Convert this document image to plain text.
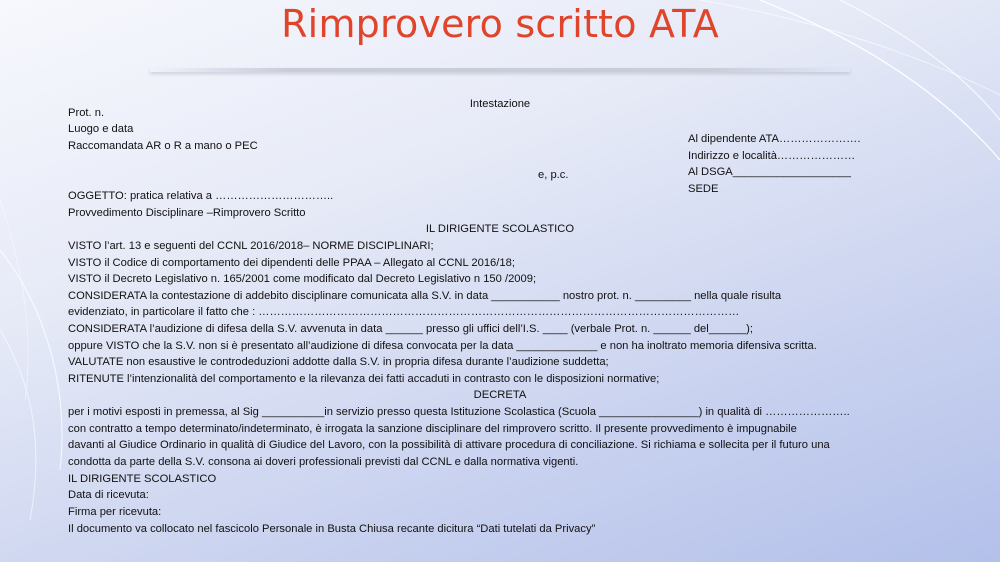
Rimprovero scritto ATA
Intestazione
Prot. n.
Luogo e data
Raccomandata AR o R a mano o PEC
Al dipendente ATA………………….
Indirizzo e località…………………
Al DSGA___________________
SEDE
e, p.c.
OGGETTO: pratica relativa a …………………………..
Provvedimento Disciplinare –Rimprovero Scritto
IL DIRIGENTE SCOLASTICO
VISTO l’art. 13 e seguenti del CCNL 2016/2018– NORME DISCIPLINARI;
VISTO il Codice di comportamento dei dipendenti delle PPAA – Allegato al CCNL 2016/18;
VISTO il Decreto Legislativo n. 165/2001 come modificato dal Decreto Legislativo n 150 /2009;
CONSIDERATA la contestazione di addebito disciplinare comunicata alla S.V. in data ___________ nostro prot. n. _________ nella quale risulta
evidenziato, in particolare il fatto che : …………………………………………………………………………………………………………………
CONSIDERATA l’audizione di difesa della S.V. avvenuta in data ______ presso gli uffici dell’I.S. ____ (verbale Prot. n. ______ del______);
oppure VISTO che la S.V. non si è presentato all’audizione di difesa convocata per la data _____________ e non ha inoltrato memoria difensiva scritta.
VALUTATE non esaustive le controdeduzioni addotte dalla S.V. in propria difesa durante l’audizione suddetta;
RITENUTE l’intenzionalità del comportamento e la rilevanza dei fatti accaduti in contrasto con le disposizioni normative;
DECRETA
per i motivi esposti in premessa, al Sig __________in servizio presso questa Istituzione Scolastica (Scuola ________________) in qualità di …………………..
con contratto a tempo determinato/indeterminato, è irrogata la sanzione disciplinare del rimprovero scritto. Il presente provvedimento è impugnabile
davanti al Giudice Ordinario in qualità di Giudice del Lavoro, con la possibilità di attivare procedura di conciliazione. Si richiama e sollecita per il futuro una
condotta da parte della S.V. consona ai doveri professionali previsti dal CCNL e dalla normativa vigenti.
IL DIRIGENTE SCOLASTICO
Data di ricevuta:
Firma per ricevuta:
Il documento va collocato nel fascicolo Personale in Busta Chiusa recante dicitura “Dati tutelati da Privacy”
